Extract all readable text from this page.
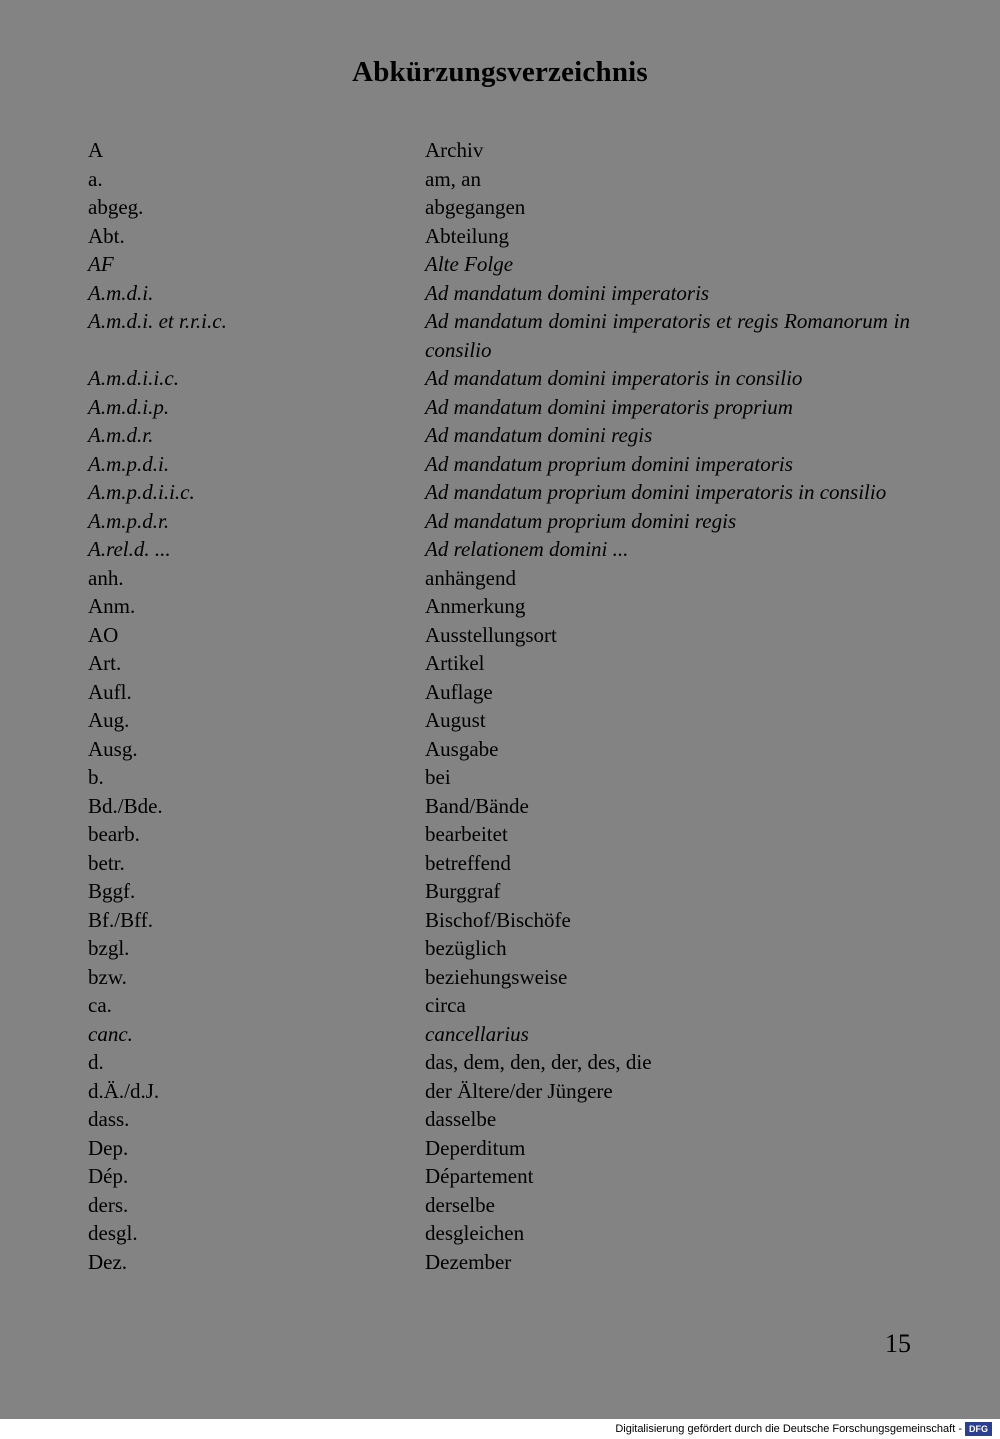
Abkürzungsverzeichnis
A	Archiv
a.	am, an
abgeg.	abgegangen
Abt.	Abteilung
AF	Alte Folge
A.m.d.i.	Ad mandatum domini imperatoris
A.m.d.i. et r.r.i.c.	Ad mandatum domini imperatoris et regis Romanorum in consilio
A.m.d.i.i.c.	Ad mandatum domini imperatoris in consilio
A.m.d.i.p.	Ad mandatum domini imperatoris proprium
A.m.d.r.	Ad mandatum domini regis
A.m.p.d.i.	Ad mandatum proprium domini imperatoris
A.m.p.d.i.i.c.	Ad mandatum proprium domini imperatoris in consilio
A.m.p.d.r.	Ad mandatum proprium domini regis
A.rel.d. ...	Ad relationem domini ...
anh.	anhängend
Anm.	Anmerkung
AO	Ausstellungsort
Art.	Artikel
Aufl.	Auflage
Aug.	August
Ausg.	Ausgabe
b.	bei
Bd./Bde.	Band/Bände
bearb.	bearbeitet
betr.	betreffend
Bggf.	Burggraf
Bf./Bff.	Bischof/Bischöfe
bzgl.	bezüglich
bzw.	beziehungsweise
ca.	circa
canc.	cancellarius
d.	das, dem, den, der, des, die
d.Ä./d.J.	der Ältere/der Jüngere
dass.	dasselbe
Dep.	Deperditum
Dép.	Département
ders.	derselbe
desgl.	desgleichen
Dez.	Dezember
15
Digitalisierung gefördert durch die Deutsche Forschungsgemeinschaft - DFG
